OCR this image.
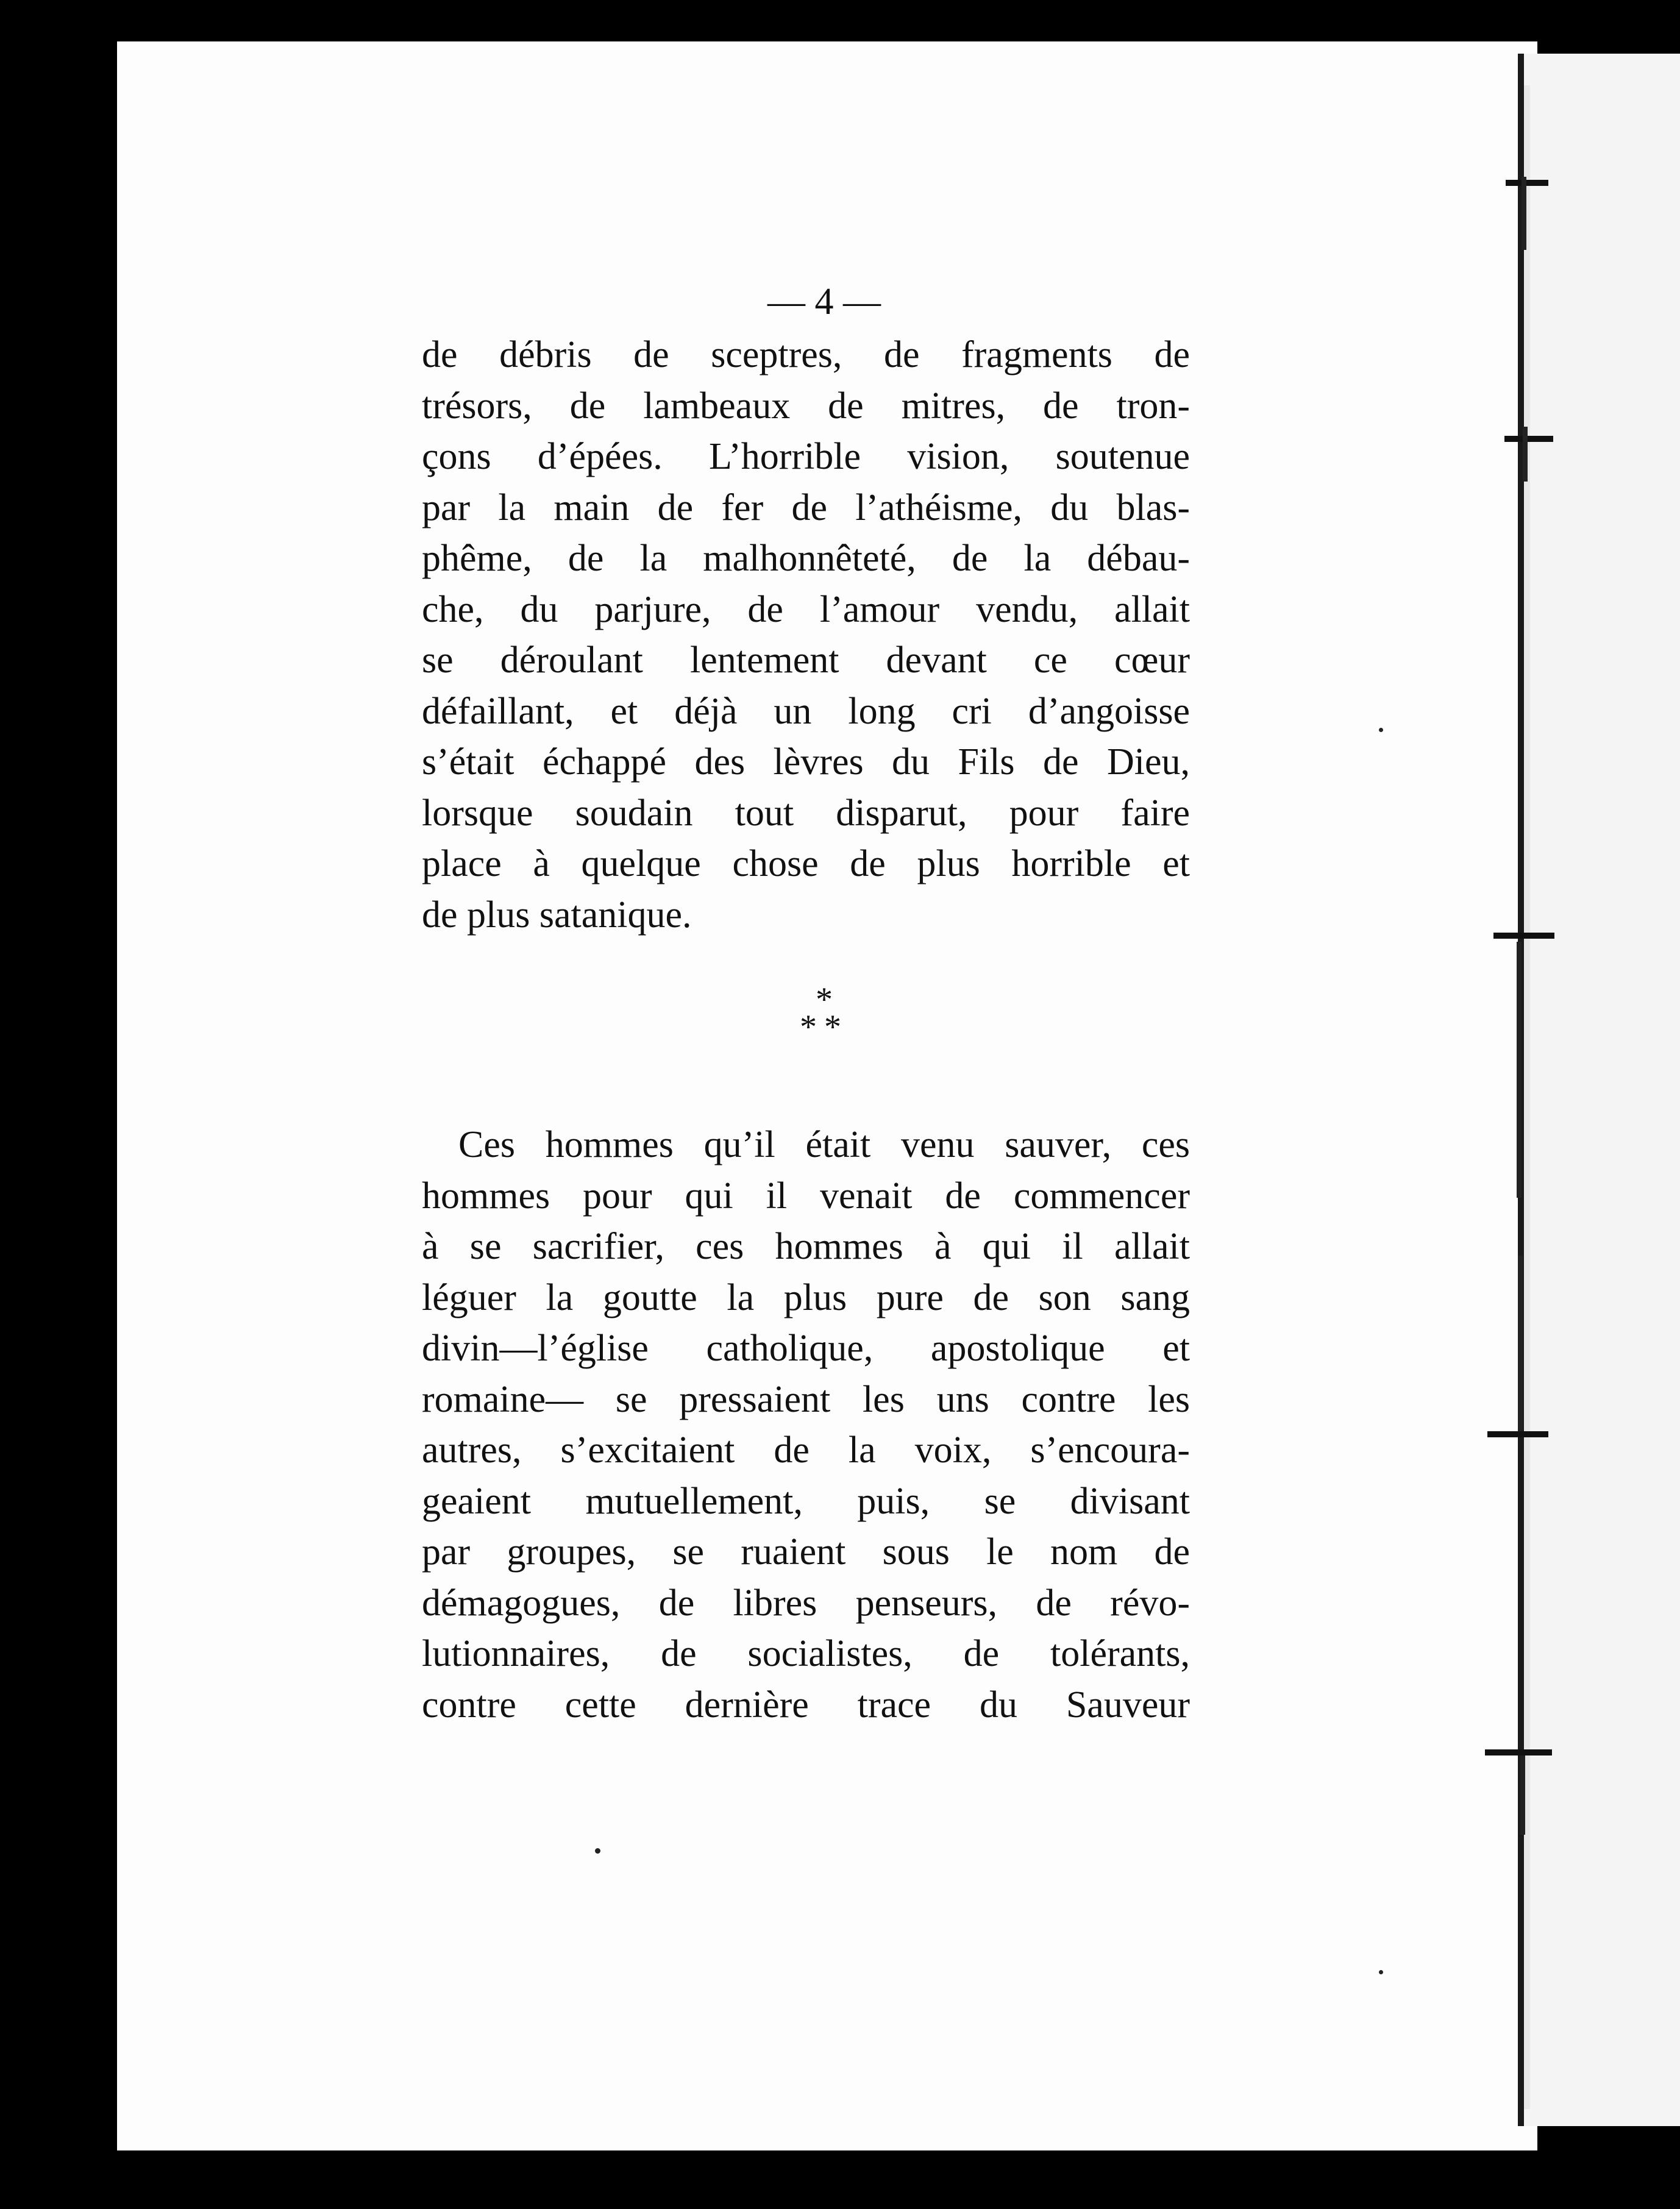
— 4 —
de débris de sceptres, de fragments de
trésors, de lambeaux de mitres, de tron-
çons d’épées. L’horrible vision, soutenue
par la main de fer de l’athéisme, du blas-
phême, de la malhonnêteté, de la débau-
che, du parjure, de l’amour vendu, allait
se déroulant lentement devant ce cœur
défaillant, et déjà un long cri d’angoisse
s’était échappé des lèvres du Fils de Dieu,
lorsque soudain tout disparut, pour faire
place à quelque chose de plus horrible et
de plus satanique.
*
**
Ces hommes qu’il était venu sauver, ces
hommes pour qui il venait de commencer
à se sacrifier, ces hommes à qui il allait
léguer la goutte la plus pure de son sang
divin—l’église catholique, apostolique et
romaine— se pressaient les uns contre les
autres, s’excitaient de la voix, s’encoura-
geaient mutuellement, puis, se divisant
par groupes, se ruaient sous le nom de
démagogues, de libres penseurs, de révo-
lutionnaires, de socialistes, de tolérants,
contre cette dernière trace du Sauveur
